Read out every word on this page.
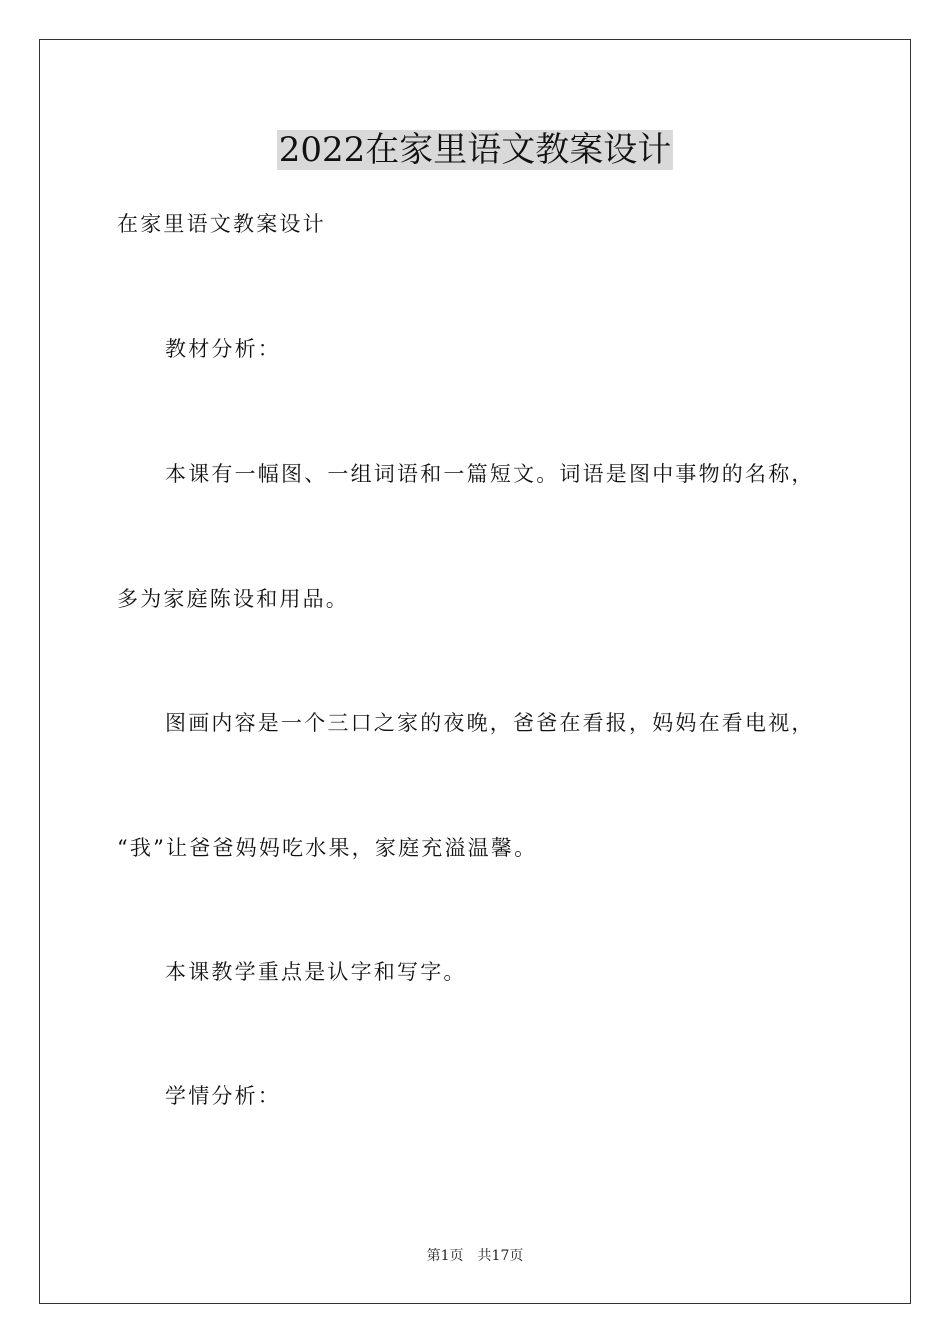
2022在家里语文教案设计
在家里语文教案设计
教材分析：
本课有一幅图、一组词语和一篇短文。词语是图中事物的名称，
多为家庭陈设和用品。
图画内容是一个三口之家的夜晚，爸爸在看报，妈妈在看电视，
“我”让爸爸妈妈吃水果，家庭充溢温馨。
本课教学重点是认字和写字。
学情分析：
第1页　共17页
